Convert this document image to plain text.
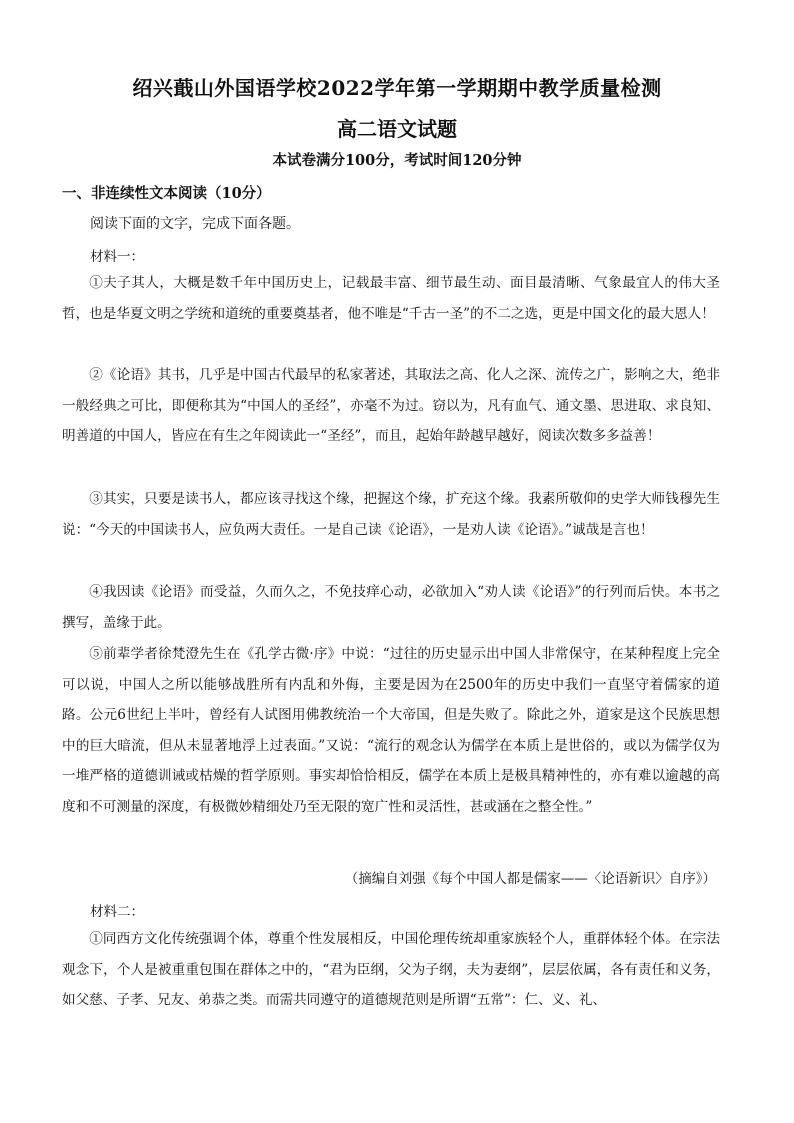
绍兴蕺山外国语学校2022学年第一学期期中教学质量检测
高二语文试题
本试卷满分100分，考试时间120分钟
一、非连续性文本阅读（10分）
阅读下面的文字，完成下面各题。
材料一：

①夫子其人，大概是数千年中国历史上，记载最丰富、细节最生动、面目最清晰、气象最宜人的伟大圣哲，也是华夏文明之学统和道统的重要奠基者，他不唯是“千古一圣”的不二之选，更是中国文化的最大恩人！

②《论语》其书，几乎是中国古代最早的私家著述，其取法之高、化人之深、流传之广，影响之大，绝非一般经典之可比，即便称其为“中国人的圣经”，亦毫不为过。窃以为，凡有血气、通文墨、思进取、求良知、明善道的中国人，皆应在有生之年阅读此一“圣经”，而且，起始年龄越早越好，阅读次数多多益善！

③其实，只要是读书人，都应该寻找这个缘，把握这个缘，扩充这个缘。我素所敬仰的史学大师钱穆先生说：“今天的中国读书人，应负两大责任。一是自己读《论语》，一是劝人读《论语》。”诚哉是言也！

④我因读《论语》而受益，久而久之，不免技痒心动，必欲加入“劝人读《论语》”的行列而后快。本书之撰写，盖缘于此。

⑤前辈学者徐梵澄先生在《孔学古微·序》中说：“过往的历史显示出中国人非常保守，在某种程度上完全可以说，中国人之所以能够战胜所有内乱和外侮，主要是因为在2500年的历史中我们一直坚守着儒家的道路。公元6世纪上半叶，曾经有人试图用佛教统治一个大帝国，但是失败了。除此之外，道家是这个民族思想中的巨大暗流，但从未显著地浮上过表面。”又说：“流行的观念认为儒学在本质上是世俗的，或以为儒学仅为一堆严格的道德训诫或枯燥的哲学原则。事实却恰恰相反，儒学在本质上是极具精神性的，亦有难以逾越的高度和不可测量的深度，有极微妙精细处乃至无限的宽广性和灵活性，甚或涵在之整全性。”

（摘编自刘强《每个中国人都是儒家——〈论语新识〉自序》）
材料二：

①同西方文化传统强调个体，尊重个性发展相反，中国伦理传统却重家族轻个人，重群体轻个体。在宗法观念下，个人是被重重包围在群体之中的，“君为臣纲，父为子纲，夫为妻纲”，层层依属，各有责任和义务，如父慈、子孝、兄友、弟恭之类。而需共同遵守的道德规范则是所谓“五常”：仁、义、礼、
